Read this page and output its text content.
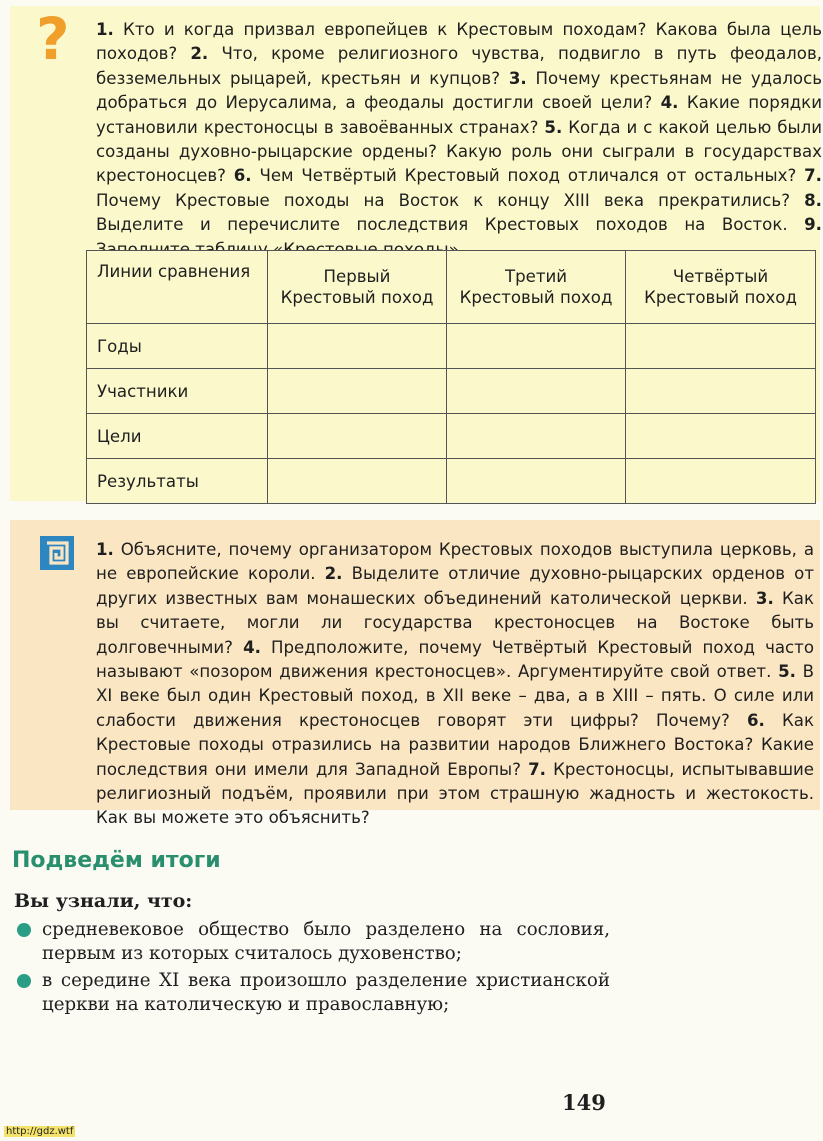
? 1. Кто и когда призвал европейцев к Крестовым походам? Какова была цель походов? 2. Что, кроме религиозного чувства, подвигло в путь феодалов, безземельных рыцарей, крестьян и купцов? 3. Почему крестьянам не удалось добраться до Иерусалима, а феодалы достигли своей цели? 4. Какие порядки установили крестоносцы в завоёванных странах? 5. Когда и с какой целью были созданы духовно-рыцарские ордены? Какую роль они сыграли в государствах крестоносцев? 6. Чем Четвёртый Крестовый поход отличался от остальных? 7. Почему Крестовые походы на Восток к концу XIII века прекратились? 8. Выделите и перечислите последствия Крестовых походов на Восток. 9.

Линии сравнения	Первый Крестовый поход	Третий Крестовый поход	Четвёртый Крестовый поход
Годы			
Участники			
Цели			
Результаты			

1. Объясните, почему организатором Крестовых походов выступила церковь, а не европейские короли. 2. Выделите отличие духовно-рыцарских орденов от других известных вам монашеских объединений католической церкви. 3. Как вы считаете, могли ли государства крестоносцев на Востоке быть долговечными? 4. Предположите, почему Четвёртый Крестовый поход часто называют «позором движения крестоносцев». Аргументируйте свой ответ. 5. В XI веке был один Крестовый поход, в XII веке – два, а в XIII – пять. О силе или слабости движения крестоносцев говорят эти цифры? Почему? 6. Как Крестовые походы отразились на развитии народов Ближнего Востока? Какие последствия они имели для Западной Европы? 7. Крестоносцы, испытывавшие религиозный подъём, проявили при этом страшную жадность и жестокость. Как вы можете это объяснить?

Подведём итоги

Вы узнали, что:

средневековое общество было разделено на сословия, первым из которых считалось духовенство;
в середине XI века произошло разделение христианской церкви на католическую и православную;

149

http://gdz.wtf
